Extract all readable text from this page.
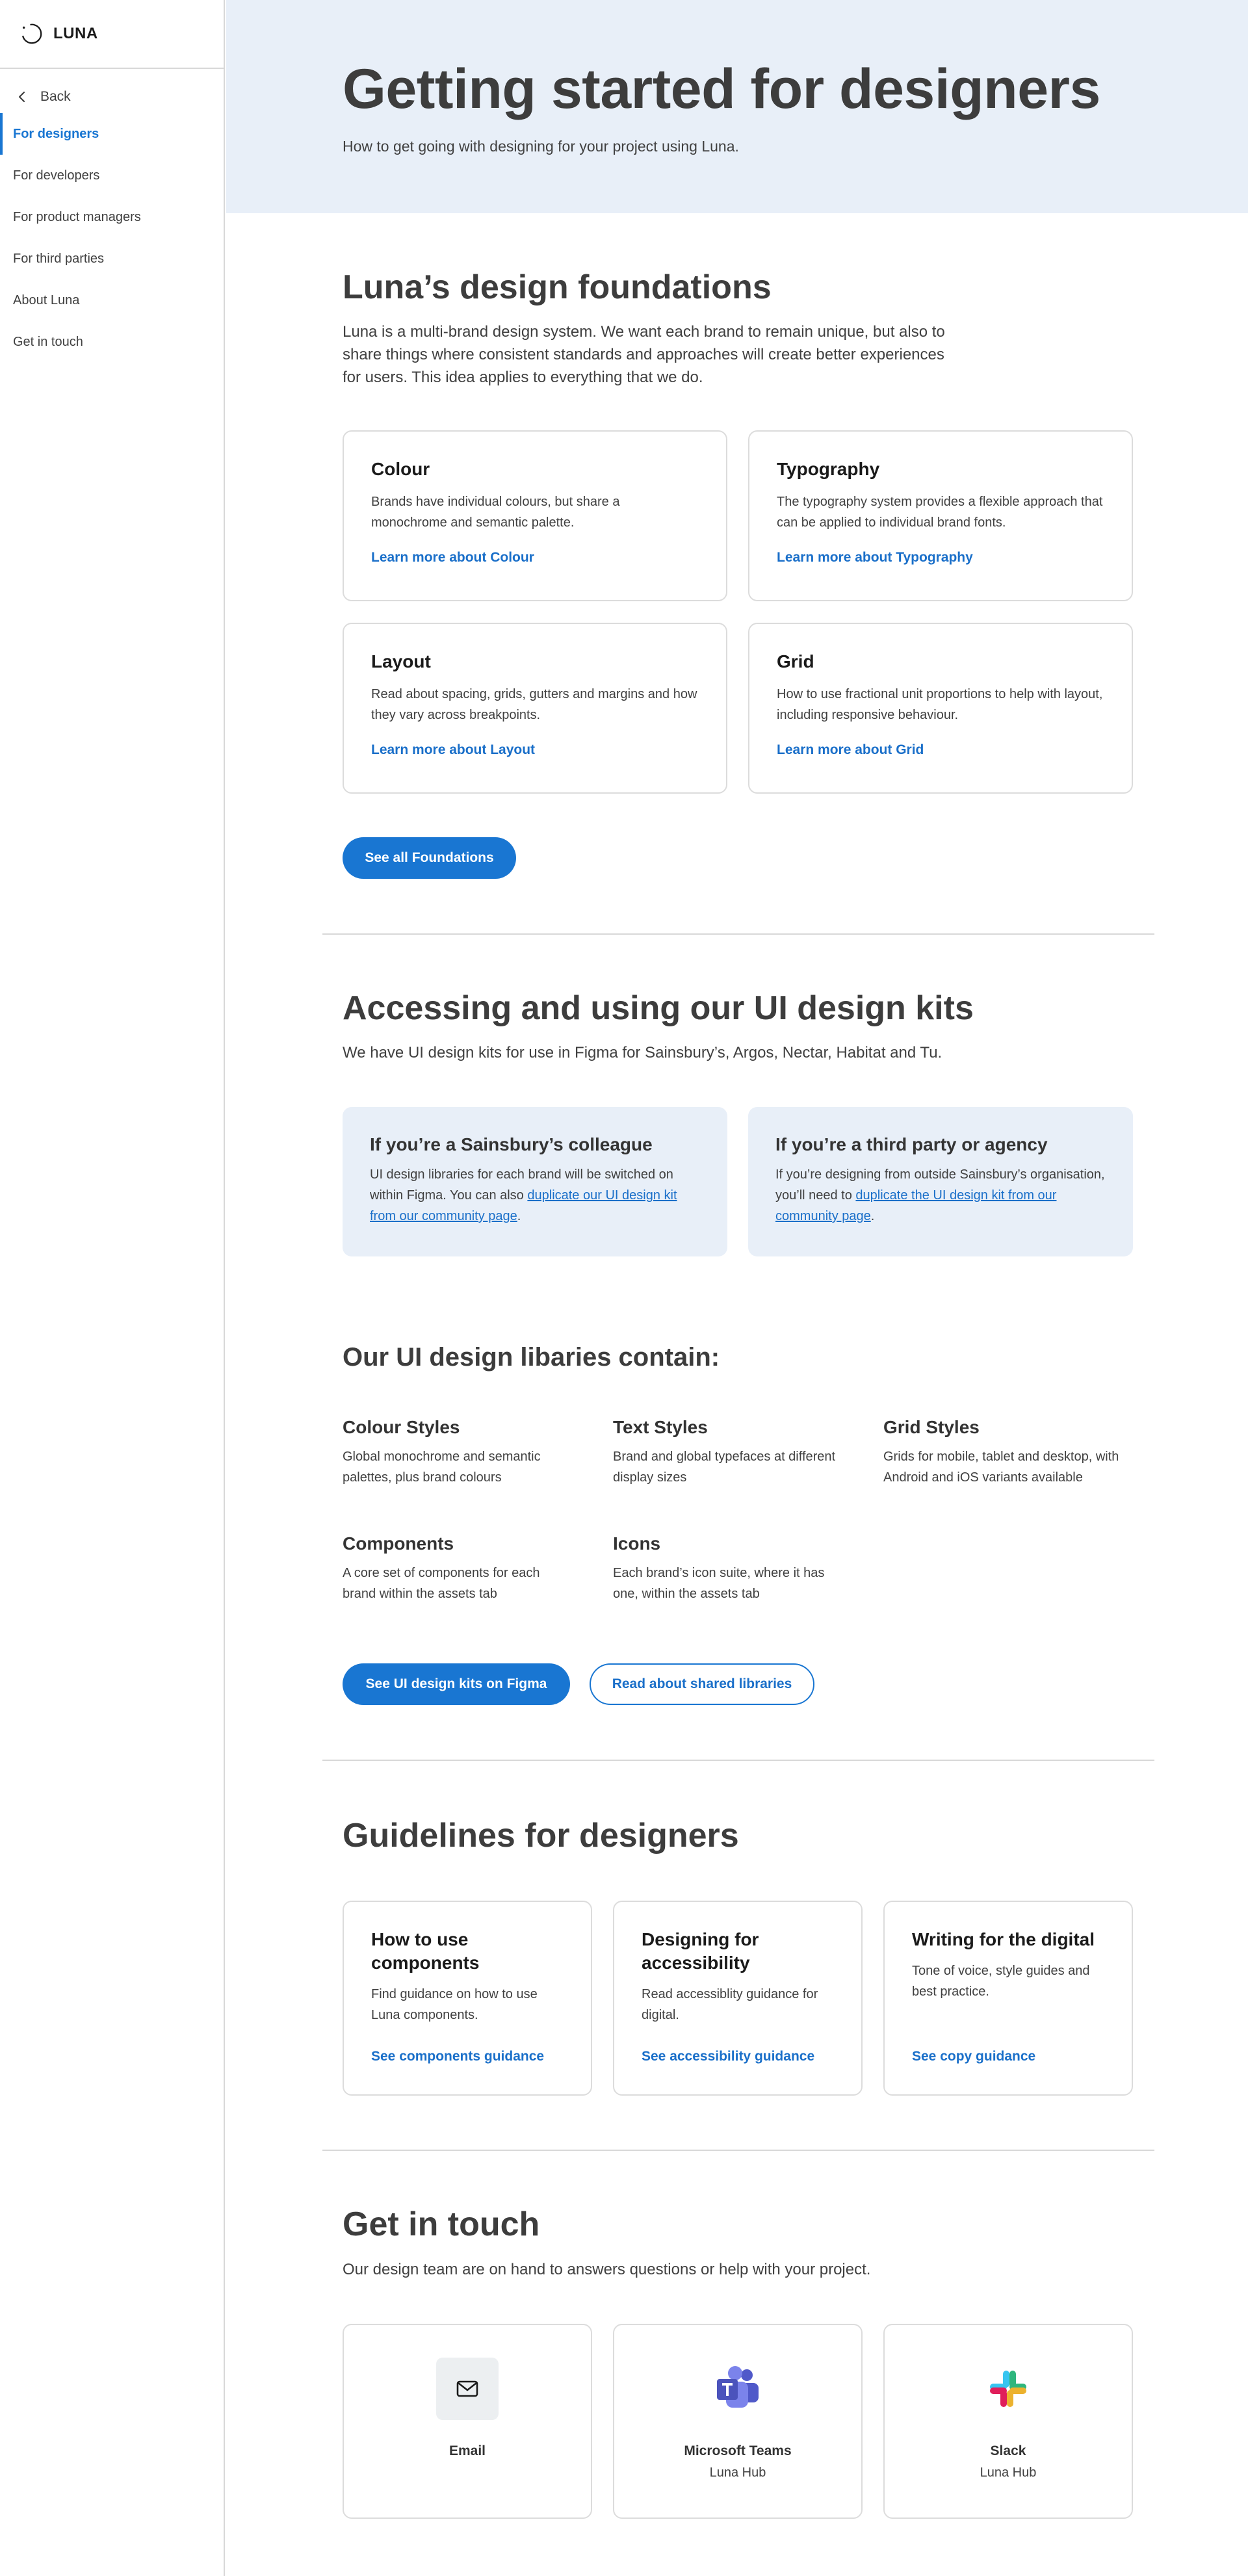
LUNA
Back
For designers
For developers
For product managers
For third parties
About Luna
Get in touch
Getting started for designers

How to get going with designing for your project using Luna.

Luna’s design foundations

Luna is a multi-brand design system. We want each brand to remain unique, but also to share things where consistent standards and approaches will create better experiences for users. This idea applies to everything that we do.

Colour

Brands have individual colours, but share a monochrome and semantic palette.

Learn more about Colour
Typography

The typography system provides a flexible approach that can be applied to individual brand fonts.

Learn more about Typography
Layout

Read about spacing, grids, gutters and margins and how they vary across breakpoints.

Learn more about Layout
Grid

How to use fractional unit proportions to help with layout, including responsive behaviour.

Learn more about Grid
See all Foundations
Accessing and using our UI design kits

We have UI design kits for use in Figma for Sainsbury’s, Argos, Nectar, Habitat and Tu.

If you’re a Sainsbury’s colleague

UI design libraries for each brand will be switched on within Figma. You can also duplicate our UI design kit from our community page.

If you’re a third party or agency

If you’re designing from outside Sainsbury’s organisation, you’ll need to duplicate the UI design kit from our community page.

Our UI design libaries contain:
Colour Styles

Global monochrome and semantic palettes, plus brand colours

Text Styles

Brand and global typefaces at different display sizes

Grid Styles

Grids for mobile, tablet and desktop, with Android and iOS variants available

Components

A core set of components for each brand within the assets tab

Icons

Each brand’s icon suite, where it has one, within the assets tab

See UI design kits on Figma	Read about shared libraries
Guidelines for designers
How to use components

Find guidance on how to use Luna components.

See components guidance
Designing for accessibility

Read accessiblity guidance for digital.

See accessibility guidance
Writing for the digital

Tone of voice, style guides and best practice.

See copy guidance
Get in touch

Our design team are on hand to answers questions or help with your project.

Email	Microsoft Teams
Luna Hub
Slack
Luna Hub
